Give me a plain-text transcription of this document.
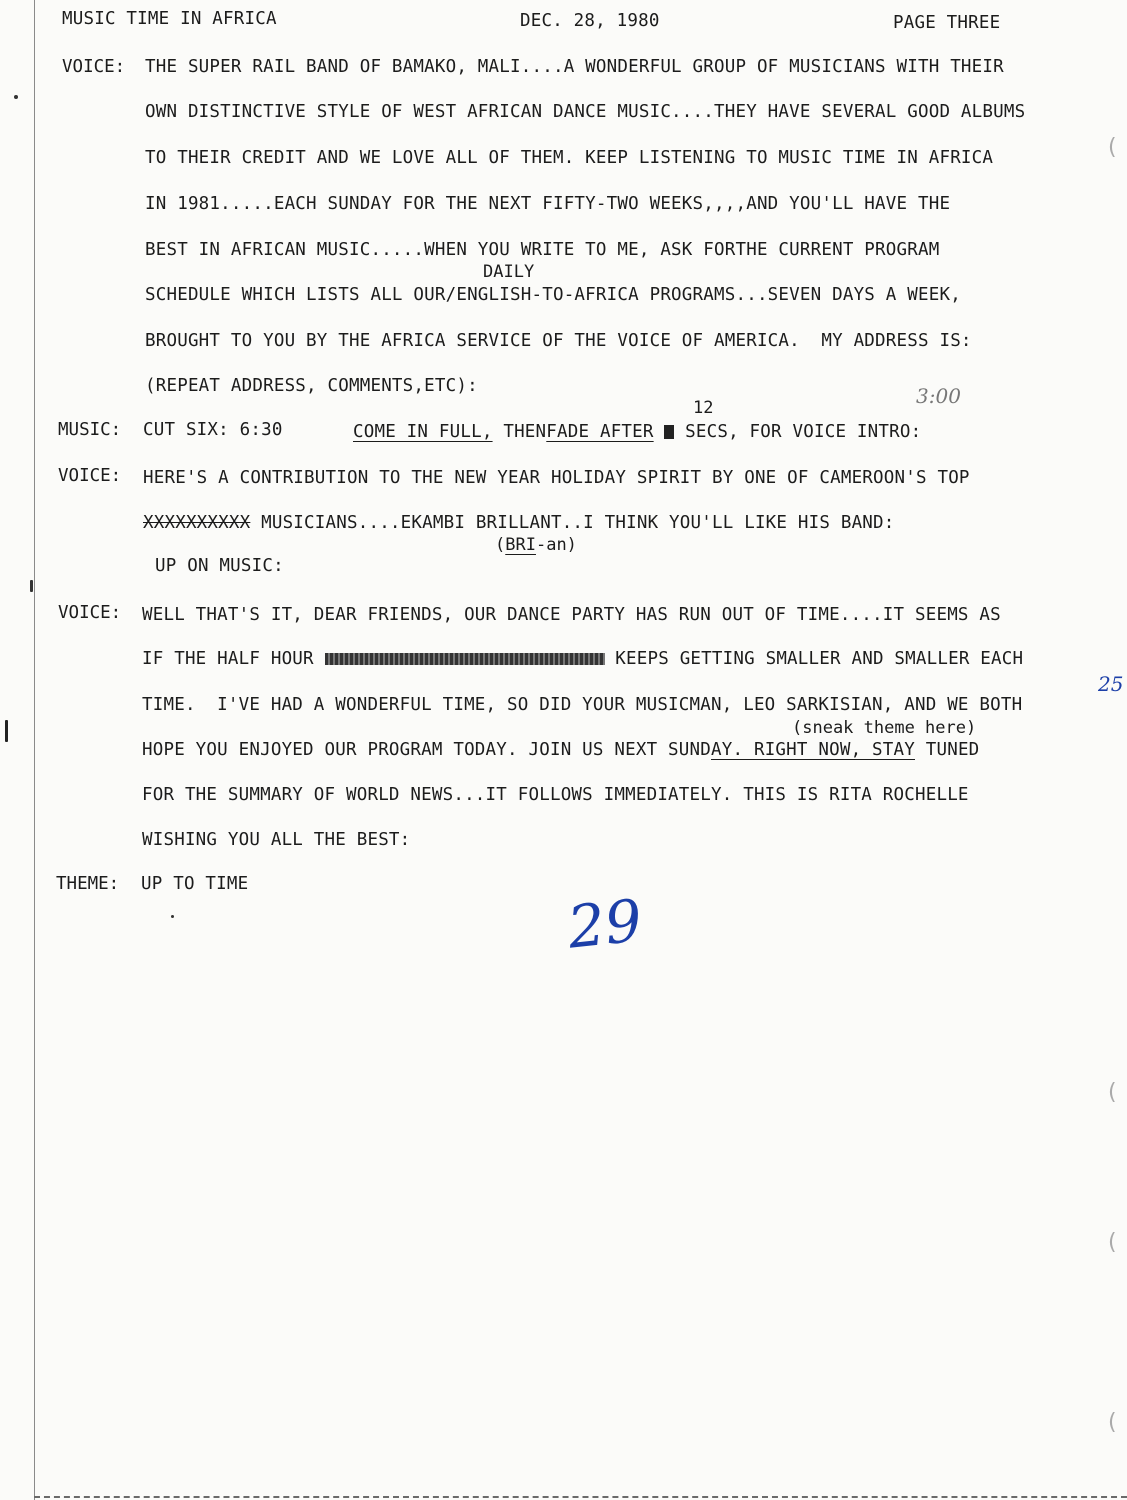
MUSIC TIME IN AFRICA	DEC. 28, 1980	PAGE THREE
VOICE: THE SUPER RAIL BAND OF BAMAKO, MALI....A WONDERFUL GROUP OF MUSICIANS WITH THEIR
OWN DISTINCTIVE STYLE OF WEST AFRICAN DANCE MUSIC....THEY HAVE SEVERAL GOOD ALBUMS
TO THEIR CREDIT AND WE LOVE ALL OF THEM. KEEP LISTENING TO MUSIC TIME IN AFRICA
IN 1981.....EACH SUNDAY FOR THE NEXT FIFTY-TWO WEEKS,,,,AND YOU'LL HAVE THE
BEST IN AFRICAN MUSIC.....WHEN YOU WRITE TO ME, ASK FORTHE CURRENT PROGRAM
DAILY
SCHEDULE WHICH LISTS ALL OUR/ENGLISH-TO-AFRICA PROGRAMS...SEVEN DAYS A WEEK,
BROUGHT TO YOU BY THE AFRICA SERVICE OF THE VOICE OF AMERICA.  MY ADDRESS IS:
(REPEAT ADDRESS, COMMENTS,ETC):	3:00
12
MUSIC: CUT SIX: 6:30	COME IN FULL, THENFADE AFTER SECS, FOR VOICE INTRO:
VOICE: HERE'S A CONTRIBUTION TO THE NEW YEAR HOLIDAY SPIRIT BY ONE OF CAMEROON'S TOP
XXXXXXXXXX MUSICIANS....EKAMBI BRILLANT..I THINK YOU'LL LIKE HIS BAND:
(BRI-an)
UP ON MUSIC:
VOICE: WELL THAT'S IT, DEAR FRIENDS, OUR DANCE PARTY HAS RUN OUT OF TIME....IT SEEMS AS
IF THE HALF HOUR	KEEPS GETTING SMALLER AND SMALLER EACH
TIME.  I'VE HAD A WONDERFUL TIME, SO DID YOUR MUSICMAN, LEO SARKISIAN, AND WE BOTH
(sneak theme here)
HOPE YOU ENJOYED OUR PROGRAM TODAY. JOIN US NEXT SUNDAY. RIGHT NOW, STAY TUNED
FOR THE SUMMARY OF WORLD NEWS...IT FOLLOWS IMMEDIATELY. THIS IS RITA ROCHELLE
WISHING YOU ALL THE BEST:
THEME: UP TO TIME
29
25
(
(
(
(
